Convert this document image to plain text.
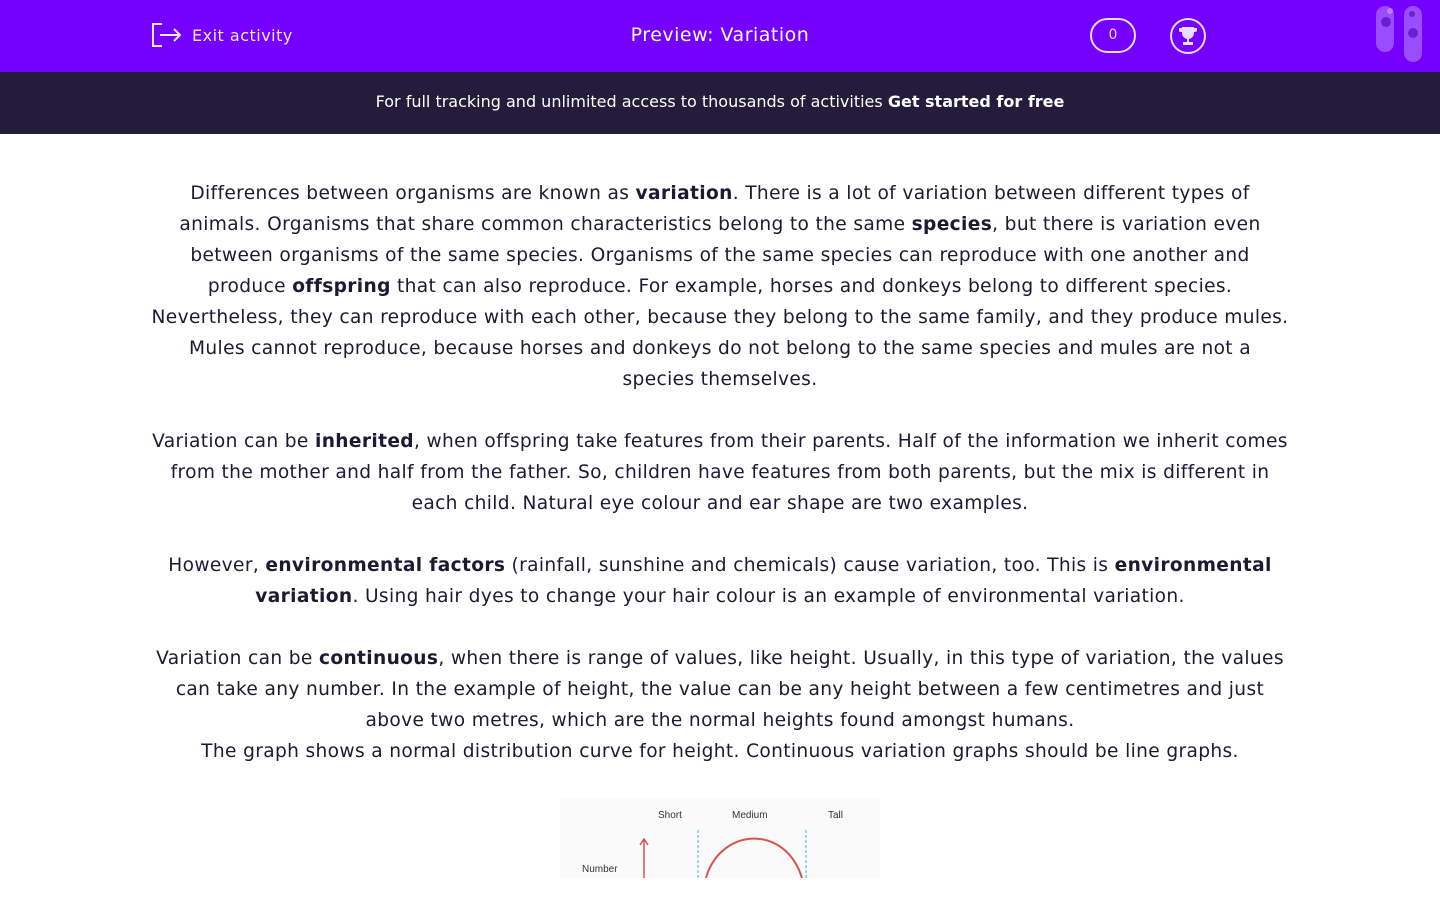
Exit activity	Preview: Variation	0
For full tracking and unlimited access to thousands of activities Get started for free

Differences between organisms are known as variation. There is a lot of variation between different types of animals. Organisms that share common characteristics belong to the same species, but there is variation even between organisms of the same species. Organisms of the same species can reproduce with one another and produce offspring that can also reproduce. For example, horses and donkeys belong to different species. Nevertheless, they can reproduce with each other, because they belong to the same family, and they produce mules. Mules cannot reproduce, because horses and donkeys do not belong to the same species and mules are not a species themselves.

Variation can be inherited, when offspring take features from their parents. Half of the information we inherit comes from the mother and half from the father. So, children have features from both parents, but the mix is different in each child. Natural eye colour and ear shape are two examples.

However, environmental factors (rainfall, sunshine and chemicals) cause variation, too. This is environmental variation. Using hair dyes to change your hair colour is an example of environmental variation.

Variation can be continuous, when there is range of values, like height. Usually, in this type of variation, the values can take any number. In the example of height, the value can be any height between a few centimetres and just above two metres, which are the normal heights found amongst humans.

The graph shows a normal distribution curve for height. Continuous variation graphs should be line graphs.

Short	Medium	Tall
Number
